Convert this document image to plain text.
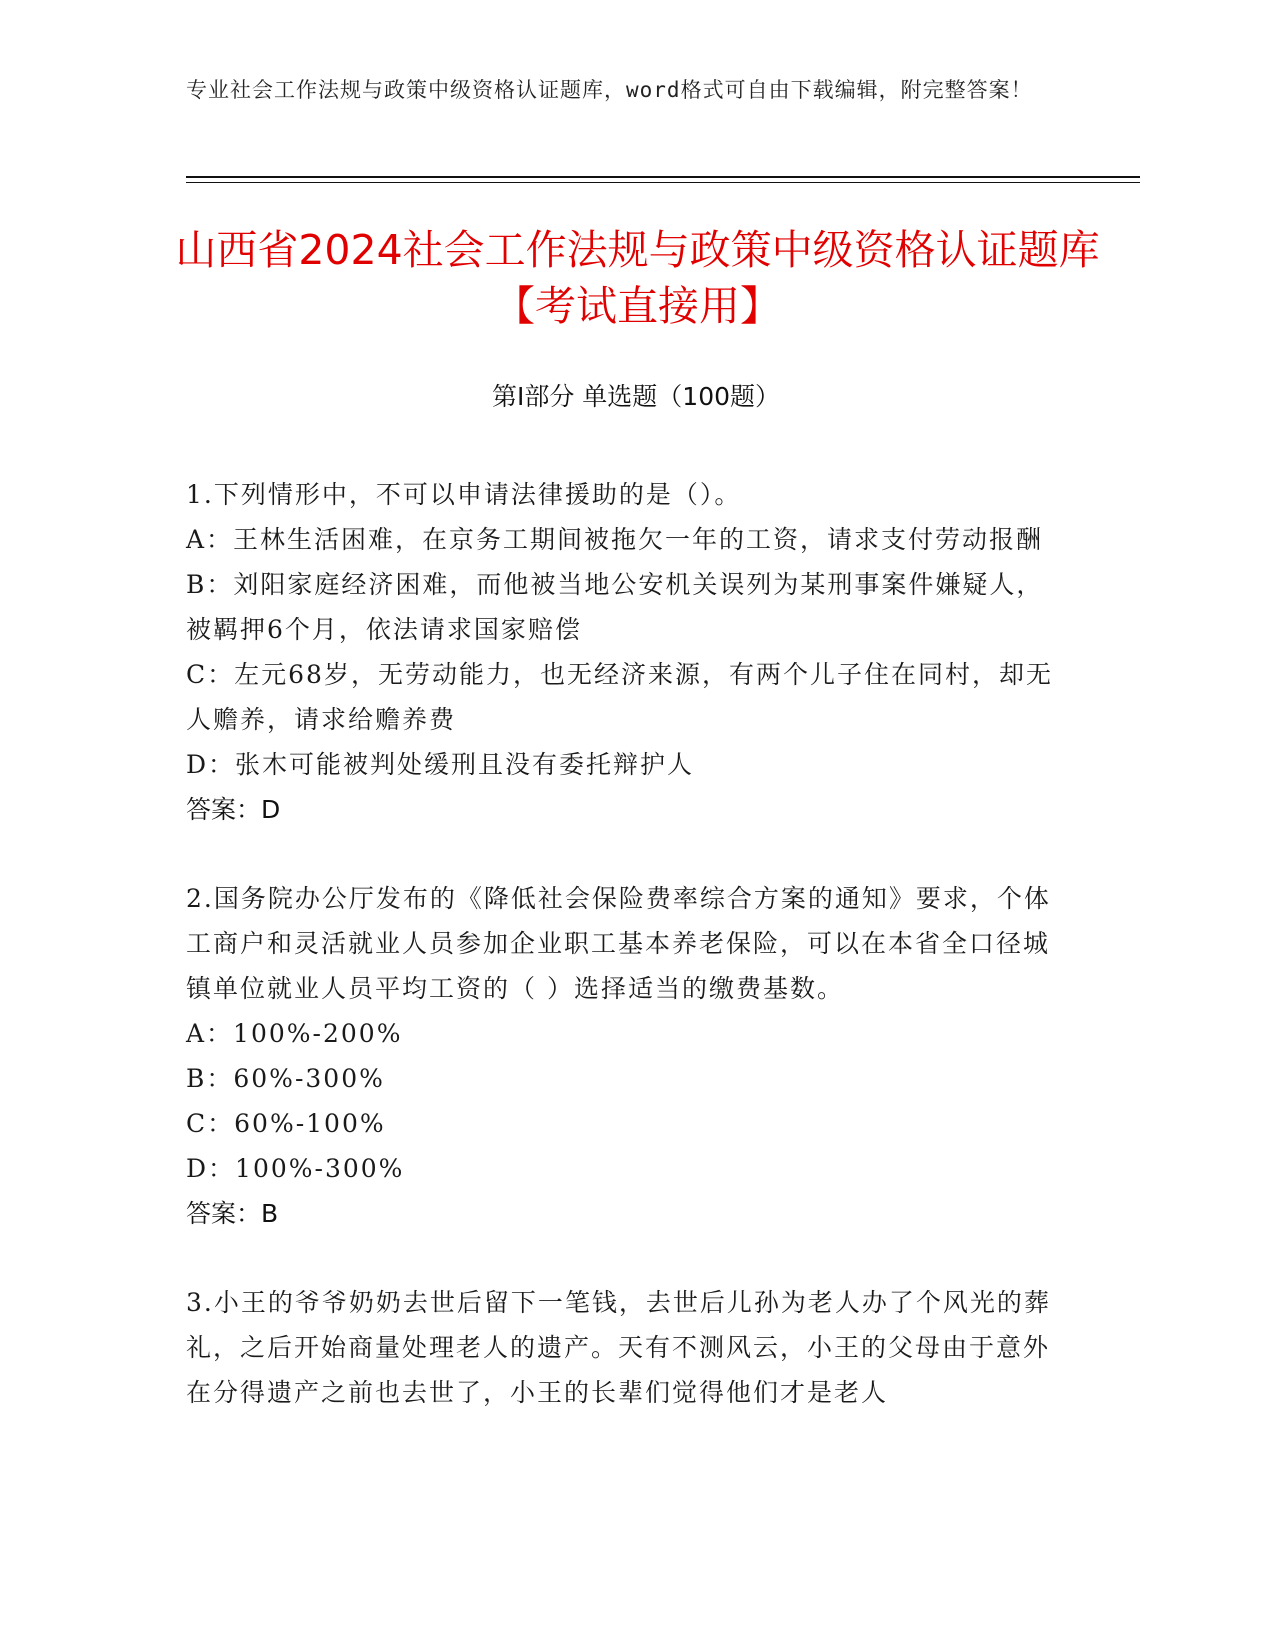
专业社会工作法规与政策中级资格认证题库，word格式可自由下载编辑，附完整答案！
山西省2024社会工作法规与政策中级资格认证题库【考试直接用】
第Ⅰ部分 单选题（100题）
1.下列情形中，不可以申请法律援助的是（）。
A：王林生活困难，在京务工期间被拖欠一年的工资，请求支付劳动报酬
B：刘阳家庭经济困难，而他被当地公安机关误列为某刑事案件嫌疑人，被羁押6个月，依法请求国家赔偿
C：左元68岁，无劳动能力，也无经济来源，有两个儿子住在同村，却无人赡养，请求给赡养费
D：张木可能被判处缓刑且没有委托辩护人
答案：D
2.国务院办公厅发布的《降低社会保险费率综合方案的通知》要求，个体工商户和灵活就业人员参加企业职工基本养老保险，可以在本省全口径城镇单位就业人员平均工资的（ ）选择适当的缴费基数。
A：100%-200%
B：60%-300%
C：60%-100%
D：100%-300%
答案：B
3.小王的爷爷奶奶去世后留下一笔钱，去世后儿孙为老人办了个风光的葬礼，之后开始商量处理老人的遗产。天有不测风云，小王的父母由于意外在分得遗产之前也去世了，小王的长辈们觉得他们才是老人
